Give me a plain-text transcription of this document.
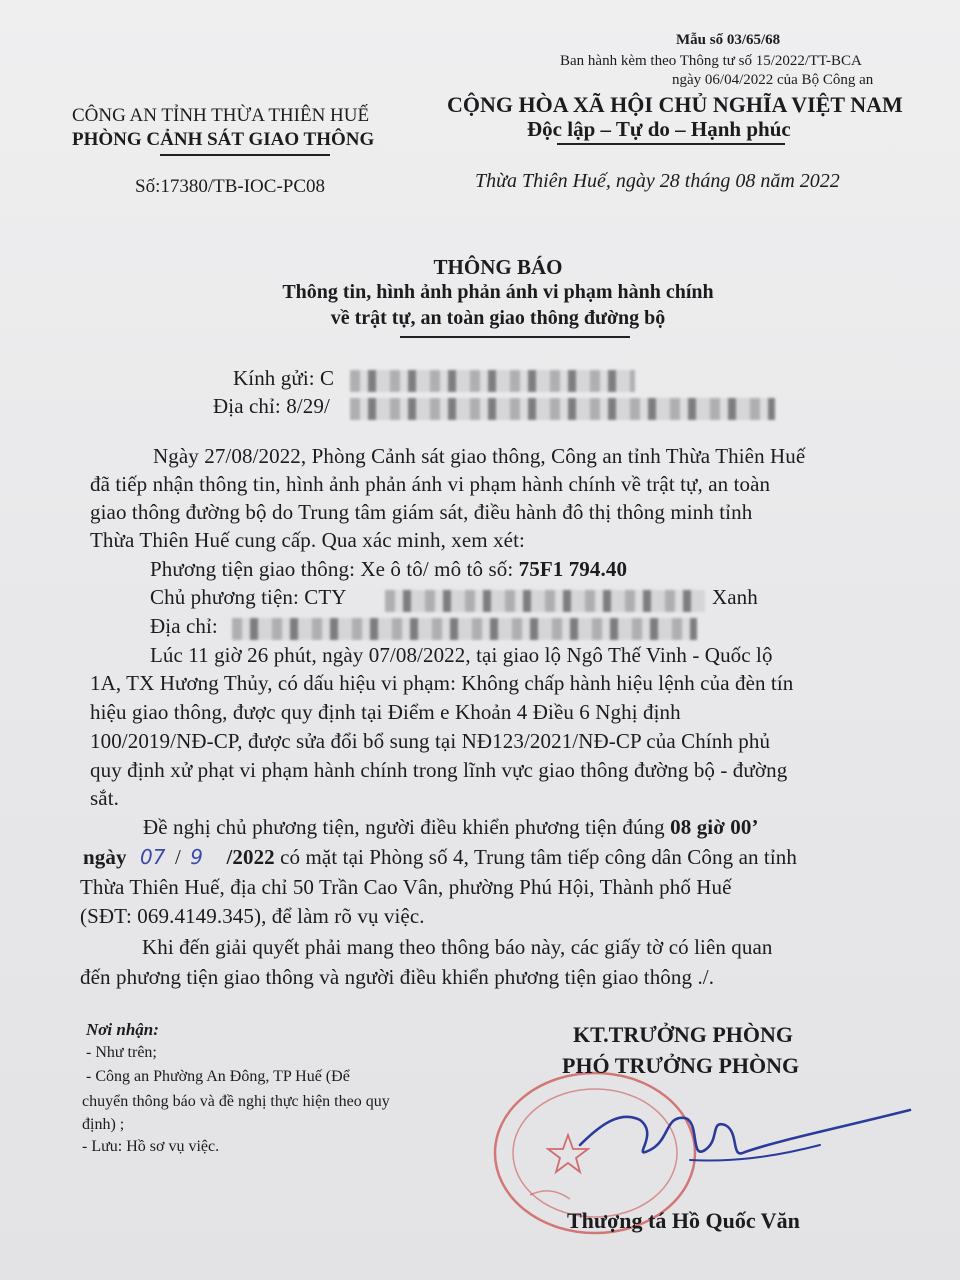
Mẫu số 03/65/68
Ban hành kèm theo Thông tư số 15/2022/TT-BCA
ngày 06/04/2022 của Bộ Công an
CÔNG AN TỈNH THỪA THIÊN HUẾ
PHÒNG CẢNH SÁT GIAO THÔNG
Số:17380/TB-IOC-PC08
CỘNG HÒA XÃ HỘI CHỦ NGHĨA VIỆT NAM
Độc lập – Tự do – Hạnh phúc
Thừa Thiên Huế, ngày 28 tháng 08 năm 2022
THÔNG BÁO
Thông tin, hình ảnh phản ánh vi phạm hành chính
về trật tự, an toàn giao thông đường bộ
Kính gửi: C
Địa chỉ: 8/29/
Ngày 27/08/2022, Phòng Cảnh sát giao thông, Công an tỉnh Thừa Thiên Huế
đã tiếp nhận thông tin, hình ảnh phản ánh vi phạm hành chính về trật tự, an toàn
giao thông đường bộ do Trung tâm giám sát, điều hành đô thị thông minh tỉnh
Thừa Thiên Huế cung cấp. Qua xác minh, xem xét:
Phương tiện giao thông: Xe ô tô/ mô tô số: 75F1 794.40
Chủ phương tiện: CTY	Xanh
Địa chỉ:
Lúc 11 giờ 26 phút, ngày 07/08/2022, tại giao lộ Ngô Thế Vinh - Quốc lộ
1A, TX Hương Thủy, có dấu hiệu vi phạm: Không chấp hành hiệu lệnh của đèn tín
hiệu giao thông, được quy định tại Điểm e Khoản 4 Điều 6 Nghị định
100/2019/NĐ-CP, được sửa đổi bổ sung tại NĐ123/2021/NĐ-CP của Chính phủ
quy định xử phạt vi phạm hành chính trong lĩnh vực giao thông đường bộ - đường
sắt.
Đề nghị chủ phương tiện, người điều khiển phương tiện đúng 08 giờ 00’
ngày 07 / 9 /2022 có mặt tại Phòng số 4, Trung tâm tiếp công dân Công an tỉnh
Thừa Thiên Huế, địa chỉ 50 Trần Cao Vân, phường Phú Hội, Thành phố Huế
(SĐT: 069.4149.345), để làm rõ vụ việc.
Khi đến giải quyết phải mang theo thông báo này, các giấy tờ có liên quan
đến phương tiện giao thông và người điều khiển phương tiện giao thông ./.
Nơi nhận:
- Như trên;
- Công an Phường An Đông, TP Huế (Để
chuyển thông báo và đề nghị thực hiện theo quy
định) ;
- Lưu: Hồ sơ vụ việc.
KT.TRƯỞNG PHÒNG
PHÓ TRƯỞNG PHÒNG
Thượng tá Hồ Quốc Văn
